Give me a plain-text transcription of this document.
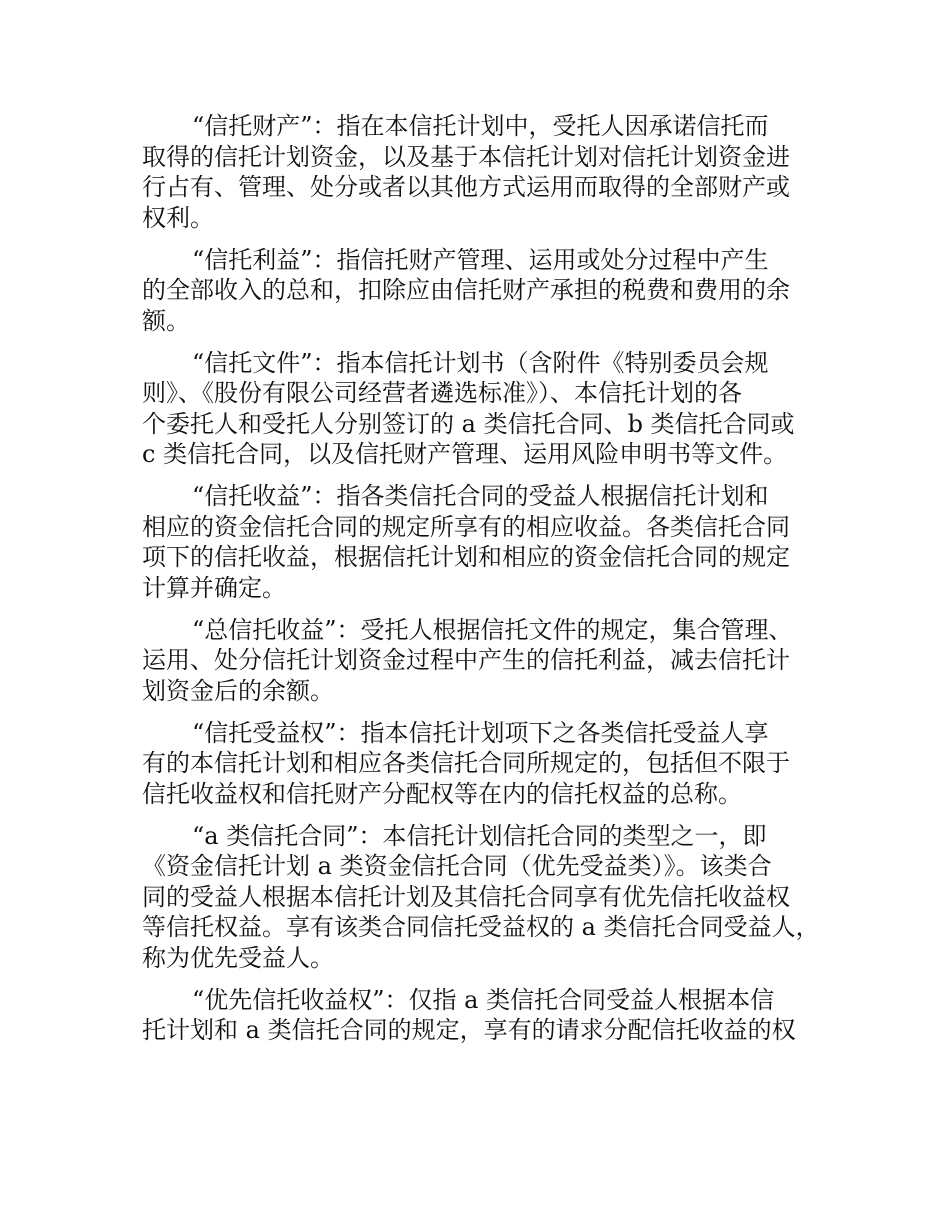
“信托财产”：指在本信托计划中，受托人因承诺信托而
取得的信托计划资金，以及基于本信托计划对信托计划资金进
行占有、管理、处分或者以其他方式运用而取得的全部财产或
权利。

“信托利益”：指信托财产管理、运用或处分过程中产生
的全部收入的总和，扣除应由信托财产承担的税费和费用的余
额。

“信托文件”：指本信托计划书（含附件《特别委员会规
则》、《股份有限公司经营者遴选标准》）、本信托计划的各
个委托人和受托人分别签订的 a 类信托合同、b 类信托合同或
c 类信托合同，以及信托财产管理、运用风险申明书等文件。

“信托收益”：指各类信托合同的受益人根据信托计划和
相应的资金信托合同的规定所享有的相应收益。各类信托合同
项下的信托收益，根据信托计划和相应的资金信托合同的规定
计算并确定。

“总信托收益”：受托人根据信托文件的规定，集合管理、
运用、处分信托计划资金过程中产生的信托利益，减去信托计
划资金后的余额。

“信托受益权”：指本信托计划项下之各类信托受益人享
有的本信托计划和相应各类信托合同所规定的，包括但不限于
信托收益权和信托财产分配权等在内的信托权益的总称。

“a 类信托合同”：本信托计划信托合同的类型之一，即
《资金信托计划 a 类资金信托合同（优先受益类）》。该类合
同的受益人根据本信托计划及其信托合同享有优先信托收益权
等信托权益。享有该类合同信托受益权的 a 类信托合同受益人，
称为优先受益人。

“优先信托收益权”：仅指 a 类信托合同受益人根据本信
托计划和 a 类信托合同的规定，享有的请求分配信托收益的权
